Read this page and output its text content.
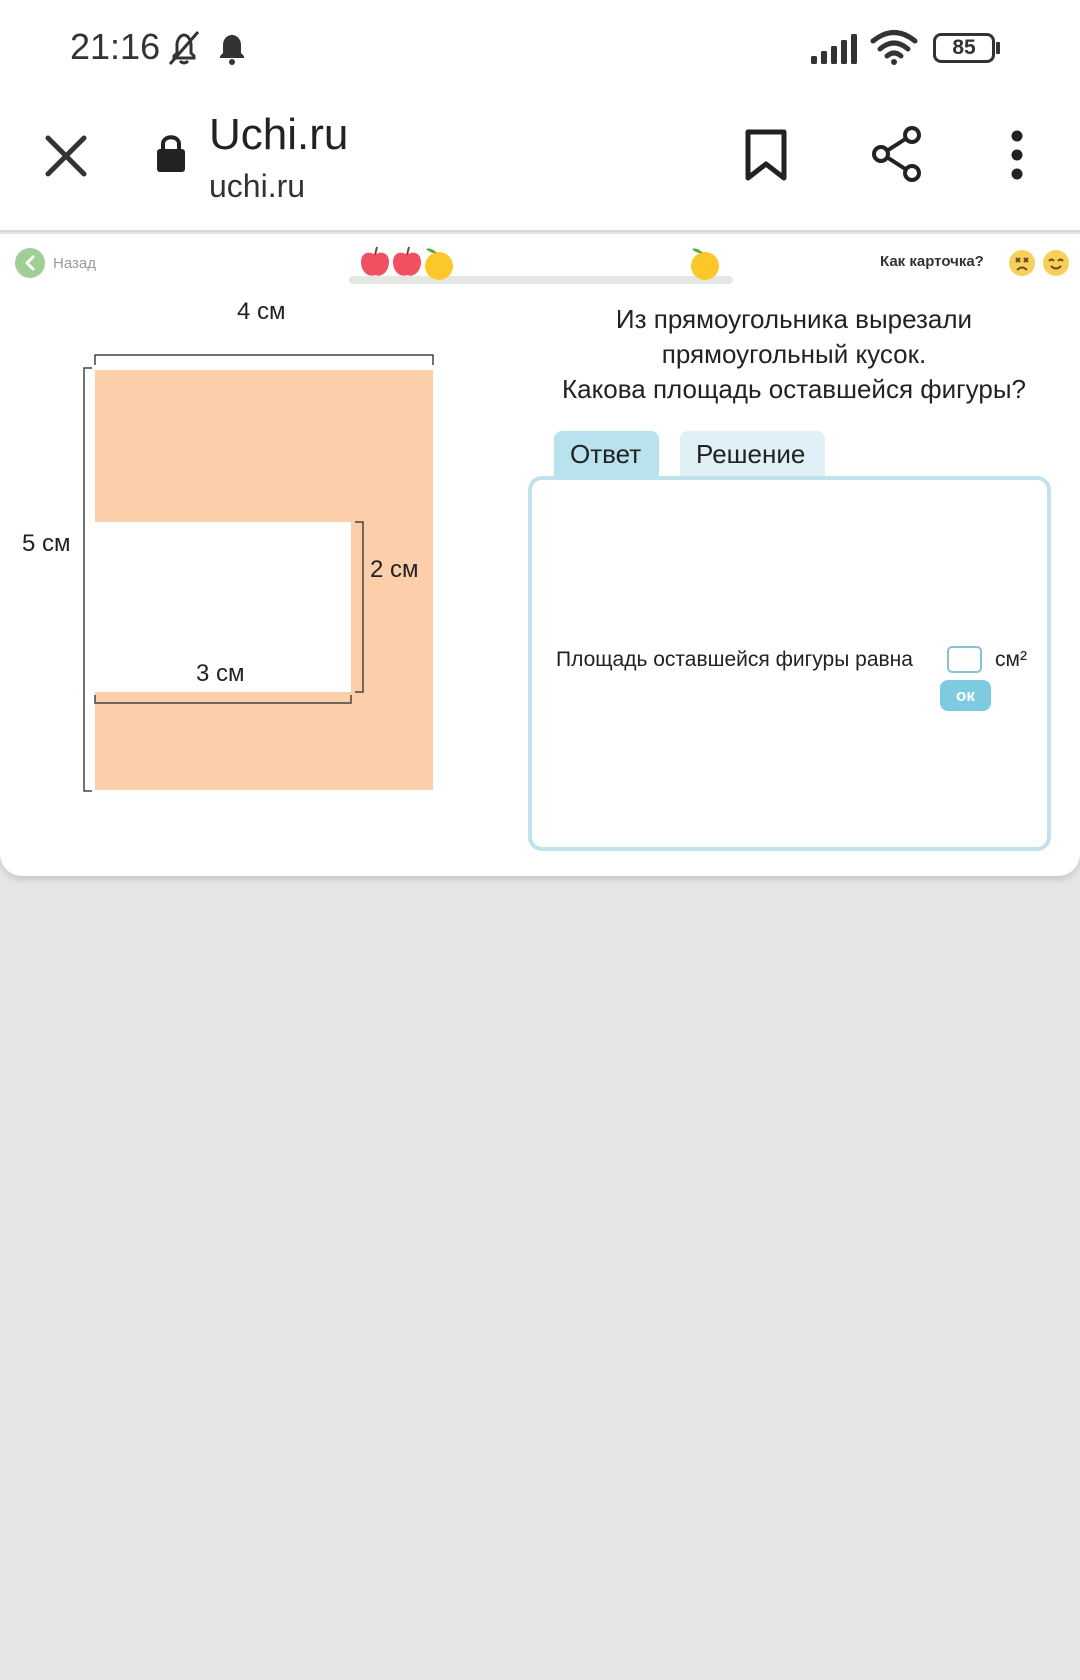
21:16	85
Uchi.ru
uchi.ru
Назад	Как карточка?
4 см
5 см
2 см
3 см
Из прямоугольника вырезали
прямоугольный кусок.
Какова площадь оставшейся фигуры?
Ответ	Решение
Площадь оставшейся фигуры равна	см²
ок
